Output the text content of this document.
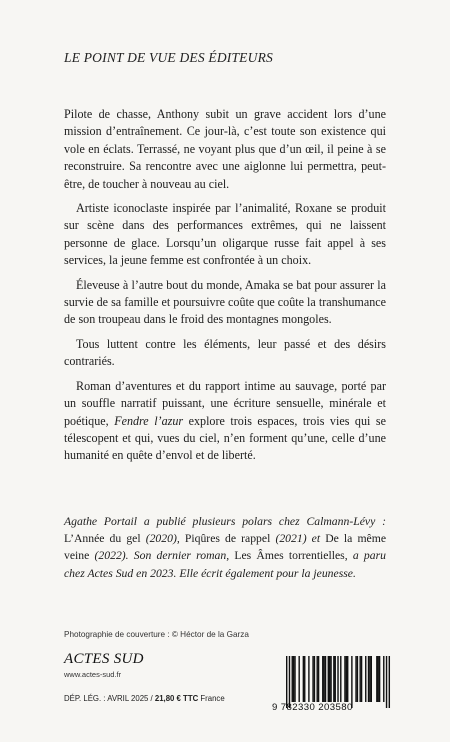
LE POINT DE VUE DES ÉDITEURS

Pilote de chasse, Anthony subit un grave accident lors d’une mission d’entraînement. Ce jour-là, c’est toute son existence qui vole en éclats. Terrassé, ne voyant plus que d’un œil, il peine à se reconstruire. Sa rencontre avec une aiglonne lui permettra, peut-être, de toucher à nouveau au ciel.

Artiste iconoclaste inspirée par l’animalité, Roxane se produit sur scène dans des performances extrêmes, qui ne laissent personne de glace. Lorsqu’un oligarque russe fait appel à ses services, la jeune femme est confrontée à un choix.

Éleveuse à l’autre bout du monde, Amaka se bat pour assurer la survie de sa famille et poursuivre coûte que coûte la transhumance de son troupeau dans le froid des montagnes mongoles.

Tous luttent contre les éléments, leur passé et des désirs contrariés.

Roman d’aventures et du rapport intime au sauvage, porté par un souffle narratif puissant, une écriture sensuelle, minérale et poétique, Fendre l’azur explore trois espaces, trois vies qui se télescopent et qui, vues du ciel, n’en forment qu’une, celle d’une humanité en quête d’envol et de liberté.

Agathe Portail a publié plusieurs polars chez Calmann-Lévy : L’Année du gel (2020), Piqûres de rappel (2021) et De la même veine (2022). Son dernier roman, Les Âmes torrentielles, a paru chez Actes Sud en 2023. Elle écrit également pour la jeunesse.
Photographie de couverture : © Héctor de la Garza
ACTES SUD
www.actes-sud.fr
DÉP. LÉG. : AVRIL 2025 / 21,80 € TTC France
9 782330 203580
